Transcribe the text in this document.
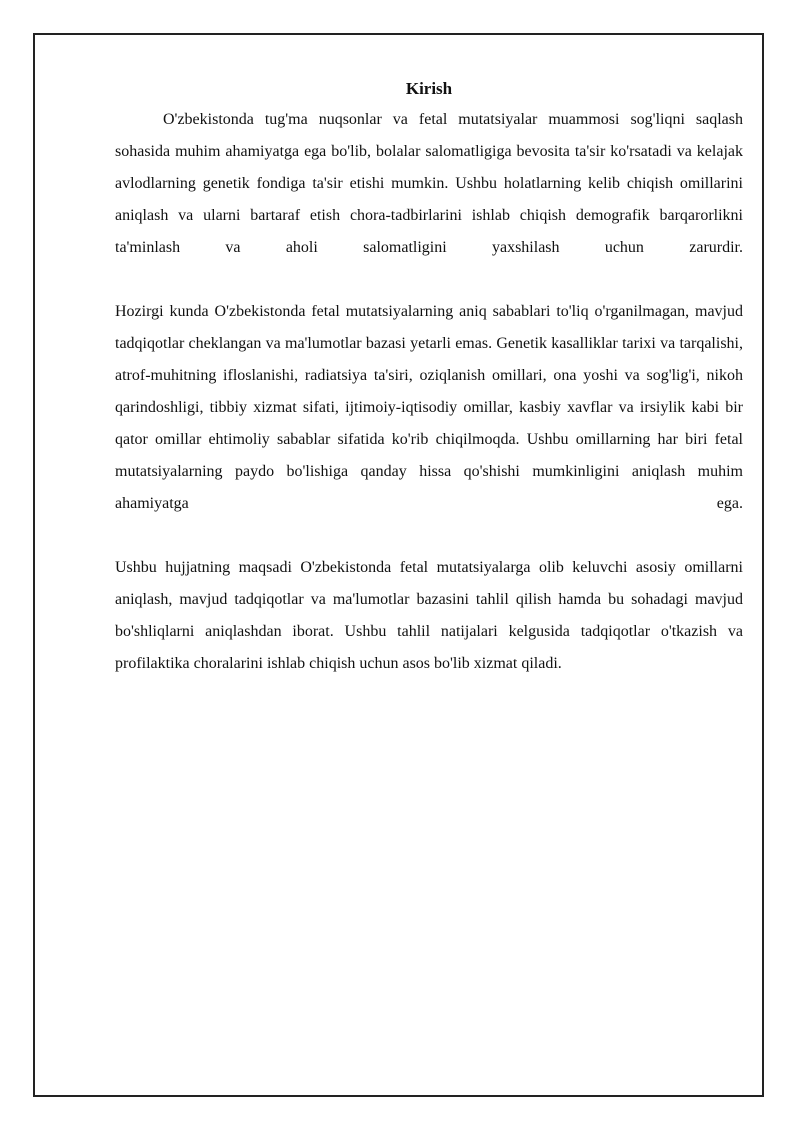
Kirish

O'zbekistonda tug'ma nuqsonlar va fetal mutatsiyalar muammosi sog'liqni saqlash sohasida muhim ahamiyatga ega bo'lib, bolalar salomatligiga bevosita ta'sir ko'rsatadi va kelajak avlodlarning genetik fondiga ta'sir etishi mumkin. Ushbu holatlarning kelib chiqish omillarini aniqlash va ularni bartaraf etish chora-tadbirlarini ishlab chiqish demografik barqarorlikni ta'minlash va aholi salomatligini yaxshilash uchun zarurdir.

Hozirgi kunda O'zbekistonda fetal mutatsiyalarning aniq sabablari to'liq o'rganilmagan, mavjud tadqiqotlar cheklangan va ma'lumotlar bazasi yetarli emas. Genetik kasalliklar tarixi va tarqalishi, atrof-muhitning ifloslanishi, radiatsiya ta'siri, oziqlanish omillari, ona yoshi va sog'lig'i, nikoh qarindoshligi, tibbiy xizmat sifati, ijtimoiy-iqtisodiy omillar, kasbiy xavflar va irsiylik kabi bir qator omillar ehtimoliy sabablar sifatida ko'rib chiqilmoqda. Ushbu omillarning har biri fetal mutatsiyalarning paydo bo'lishiga qanday hissa qo'shishi mumkinligini aniqlash muhim ahamiyatga ega.

Ushbu hujjatning maqsadi O'zbekistonda fetal mutatsiyalarga olib keluvchi asosiy omillarni aniqlash, mavjud tadqiqotlar va ma'lumotlar bazasini tahlil qilish hamda bu sohadagi mavjud bo'shliqlarni aniqlashdan iborat. Ushbu tahlil natijalari kelgusida tadqiqotlar o'tkazish va profilaktika choralarini ishlab chiqish uchun asos bo'lib xizmat qiladi.
